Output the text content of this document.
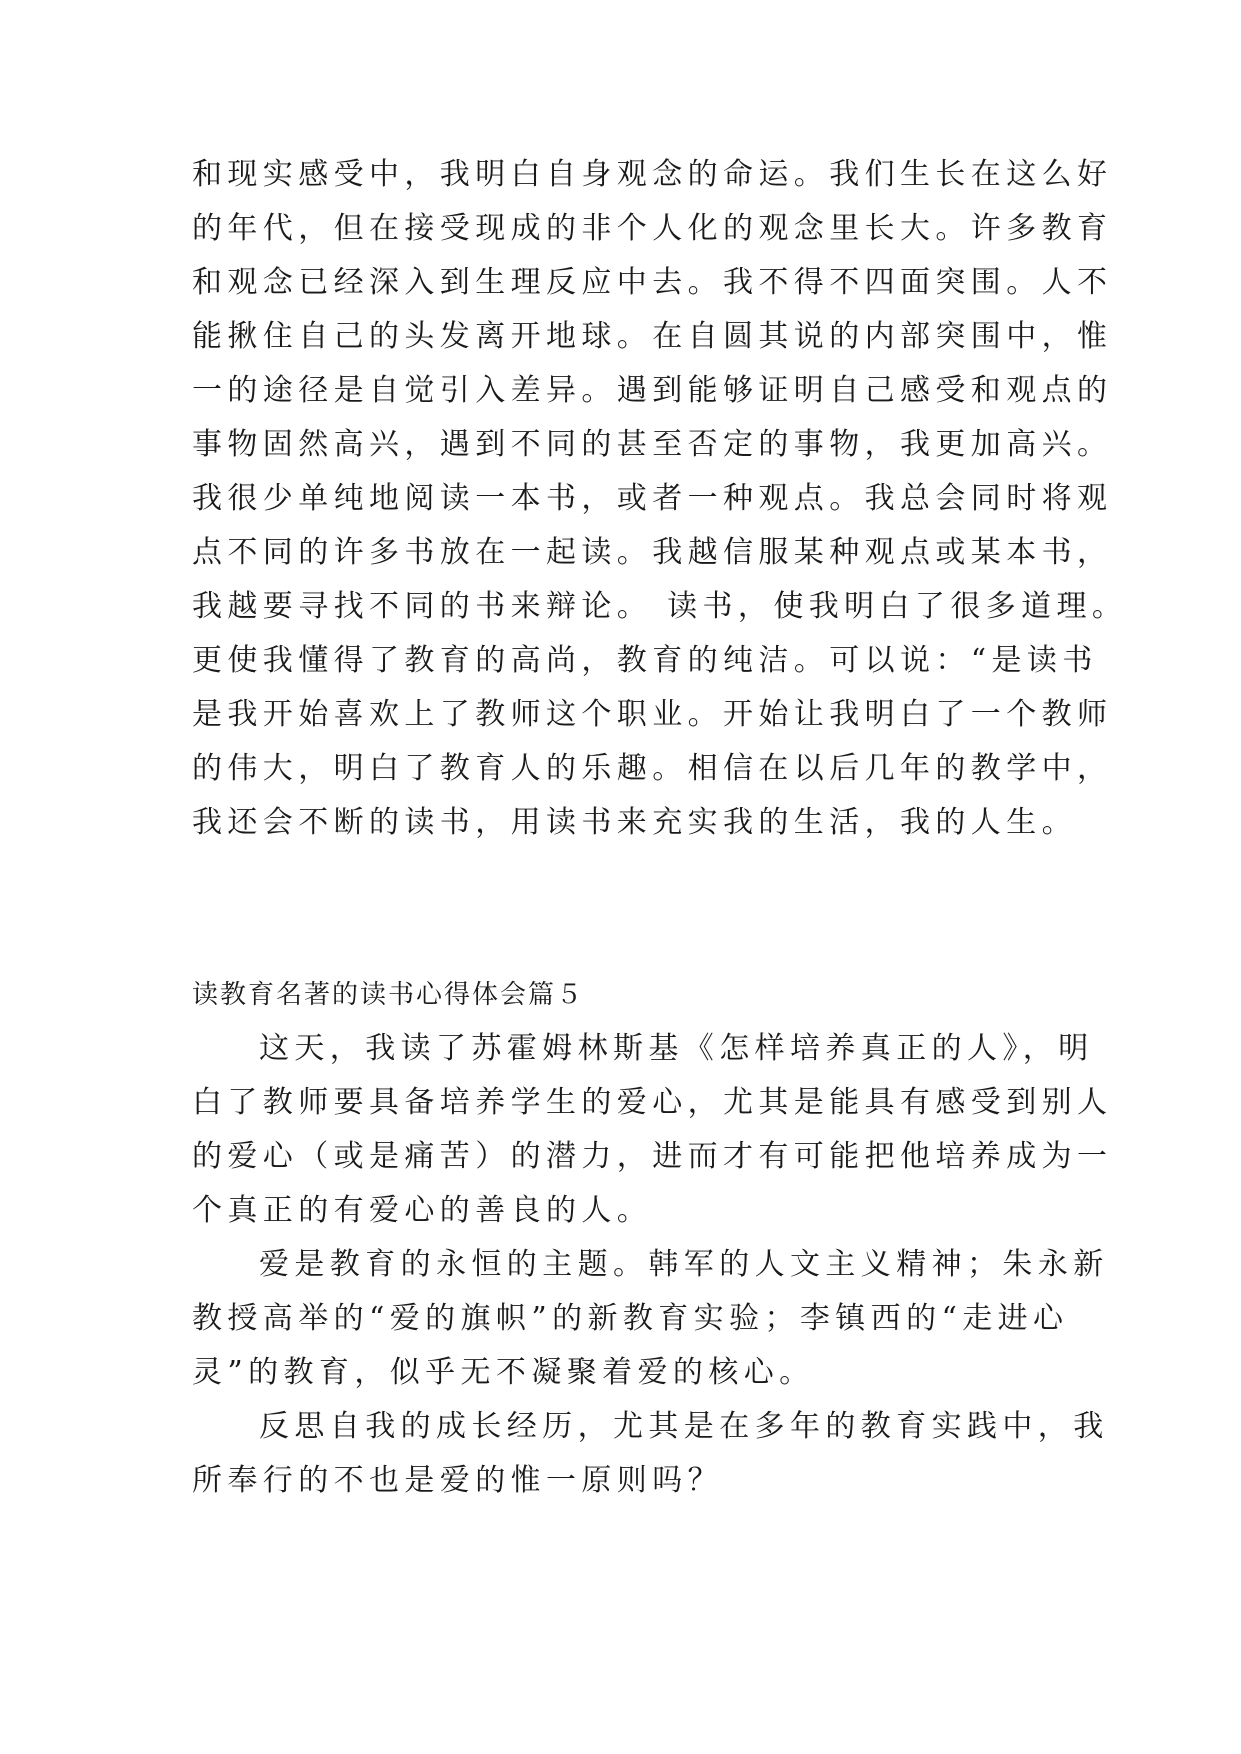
和现实感受中，我明白自身观念的命运。我们生长在这么好
的年代，但在接受现成的非个人化的观念里长大。许多教育
和观念已经深入到生理反应中去。我不得不四面突围。人不
能揪住自己的头发离开地球。在自圆其说的内部突围中，惟
一的途径是自觉引入差异。遇到能够证明自己感受和观点的
事物固然高兴，遇到不同的甚至否定的事物，我更加高兴。
我很少单纯地阅读一本书，或者一种观点。我总会同时将观
点不同的许多书放在一起读。我越信服某种观点或某本书，
我越要寻找不同的书来辩论。 读书，使我明白了很多道理。
更使我懂得了教育的高尚，教育的纯洁。可以说：“是读书
是我开始喜欢上了教师这个职业。开始让我明白了一个教师
的伟大，明白了教育人的乐趣。相信在以后几年的教学中，
我还会不断的读书，用读书来充实我的生活，我的人生。
读教育名著的读书心得体会篇５
这天，我读了苏霍姆林斯基《怎样培养真正的人》，明
白了教师要具备培养学生的爱心，尤其是能具有感受到别人
的爱心（或是痛苦）的潜力，进而才有可能把他培养成为一
个真正的有爱心的善良的人。
爱是教育的永恒的主题。韩军的人文主义精神；朱永新
教授高举的“爱的旗帜”的新教育实验；李镇西的“走进心
灵”的教育，似乎无不凝聚着爱的核心。
反思自我的成长经历，尤其是在多年的教育实践中，我
所奉行的不也是爱的惟一原则吗？
